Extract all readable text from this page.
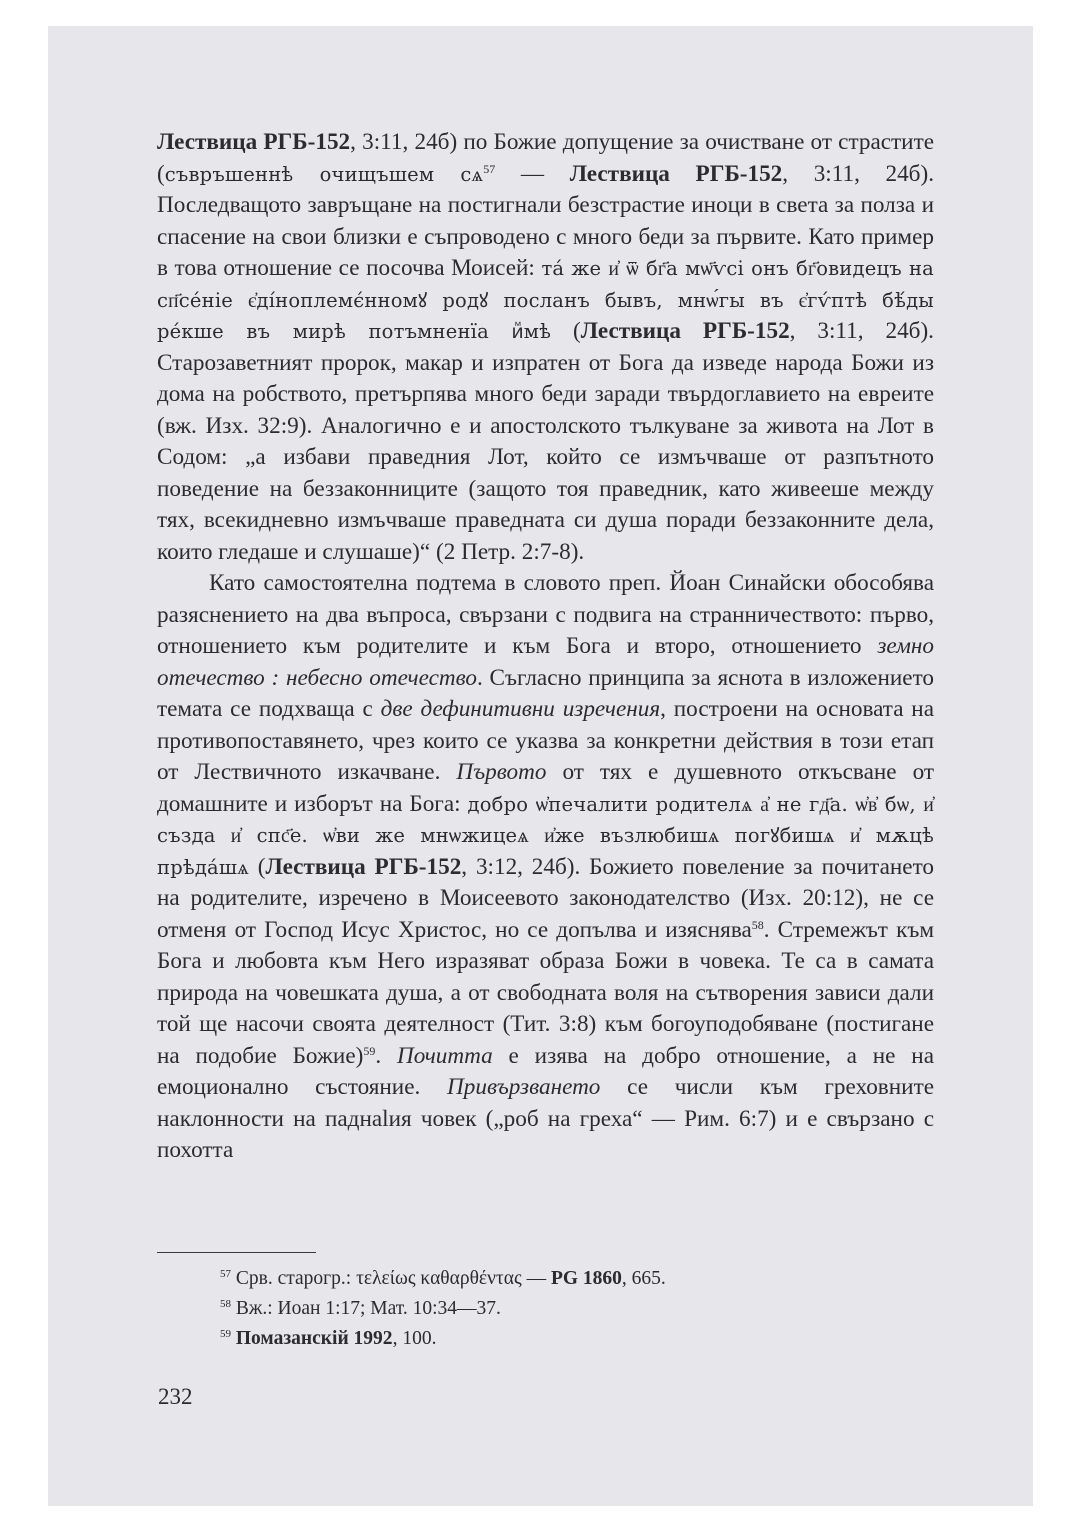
Лествица РГБ-152, 3:11, 24б) по Божие допущение за очистване от страстите (съвръшеннѣ очищъшем $сѧ^{57}$ — Лествица РГБ-152, 3:11, 24б). Последващото завръщане на постигнали безстрастие иноци в света за полза и спасение на свои близки е съпроводено с много беди за първите. Като пример в това отношение се посочва Моисей: та́ же и҆ ѿ бг҃а мѡ҃ѵсі онъ бг҃овидецъ на сп҃се́ніе є҆ді́ноплемє́нномꙋ родꙋ посланъ бывъ, мнѡ́гы въ є҆гѵ́птѣ бѣ́ды ре́кше въ мирѣ потъмненїа иⷨмѣ (Лествица РГБ-152, 3:11, 24б). Старозаветният пророк, макар и изпратен от Бога да изведе народа Божи из дома на робството, претърпява много беди заради твърдоглавието на евреите (вж. Изх. 32:9). Аналогично е и апостолското тълкуване за живота на Лот в Содом: „а избави праведния Лот, който се измъчваше от разпътното поведение на беззаконниците (защото тоя праведник, като живееше между тях, всекидневно измъчваше праведната си душа поради беззаконните дела, които гледаше и слушаше)“ (2 Петр. 2:7-8).

Като самостоятелна подтема в словото преп. Йоан Синайски обособява разяснението на два въпроса, свързани с подвига на странничеството: първо, отношението към родителите и към Бога и второ, отношението земно отечество : небесно отечество. Съгласно принципа за яснота в изложението темата се подхваща с две дефинитивни изречения, построени на основата на противопоставянето, чрез които се указва за конкретни действия в този етап от Лествичното изкачване. Първото от тях е душевното откъсване от домашните и изборът на Бога: добро ѡ҆печалити родителѧ а҆ не гд҃а. ѡ҆в҆ бѡ, и҆ създа и҆ спс҃е. ѡ҆ви же мнѡжицеѧ и҆же възлюбишѧ погꙋбишѧ и҆ мѫцѣ прѣда́шѧ (Лествица РГБ-152, 3:12, 24б). Божието повеление за почитането на родителите, изречено в Моисеевото законодателство (Изх. 20:12), не се отменя от Господ Исус Христос, но се допълва и изяснява$^{58}$. Стремежът към Бога и любовта към Него изразяват образа Божи в човека. Те са в самата природа на човешката душа, а от свободната воля на сътворения зависи дали той ще насочи своята деятелност (Тит. 3:8) към богоуподобяване (постигане на подобие Божие)$^{59}$. Почитта е изява на добро отношение, а не на емоционално състояние. Привързването се числи към греховните наклонности на паднalия човек („роб на греха“ — Рим. 6:7) и е свързано с похотта

$^{57}$ Срв. старогр.: τελείως καθαρθέντας — PG 1860, 665.

$^{58}$ Вж.: Иоан 1:17; Мат. 10:34—37.

$^{59}$ Помазанскій 1992, 100.

232
